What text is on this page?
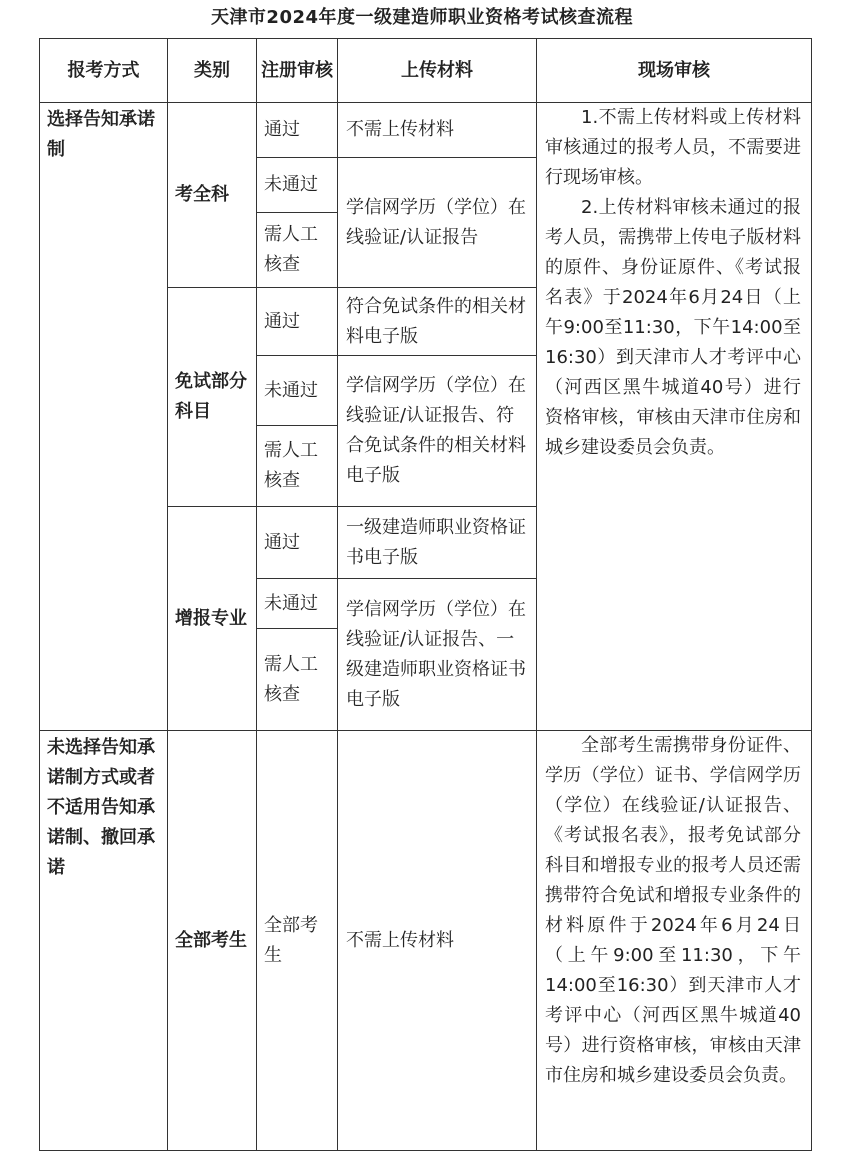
天津市2024年度一级建造师职业资格考试核查流程
报考方式	类别	注册审核	上传材料	现场审核
选择告知承诺制	考全科	通过	不需上传材料	1.不需上传材料或上传材料审核通过的报考人员，不需要进行现场审核。

2.上传材料审核未通过的报考人员，需携带上传电子版材料的原件、身份证原件、《考试报名表》于2024年6月24日（上午9:00至11:30，下午14:00至16:30）到天津市人才考评中心（河西区黑牛城道40号）进行资格审核，审核由天津市住房和城乡建设委员会负责。

		未通过	学信网学历（学位）在线验证/认证报告	
		需人工核查		
	免试部分科目	通过	符合免试条件的相关材料电子版	
		未通过	学信网学历（学位）在线验证/认证报告、符合免试条件的相关材料电子版	
		需人工核查		
	增报专业	通过	一级建造师职业资格证书电子版	
		未通过	学信网学历（学位）在线验证/认证报告、一级建造师职业资格证书电子版	
		需人工核查		
未选择告知承诺制方式或者不适用告知承诺制、撤回承诺	全部考生	全部考生	不需上传材料	全部考生需携带身份证件、学历（学位）证书、学信网学历（学位）在线验证/认证报告、《考试报名表》，报考免试部分科目和增报专业的报考人员还需携带符合免试和增报专业条件的材料原件于2024年6月24日（上午9:00至11:30，下午14:00至16:30）到天津市人才考评中心（河西区黑牛城道40号）进行资格审核，审核由天津市住房和城乡建设委员会负责。
